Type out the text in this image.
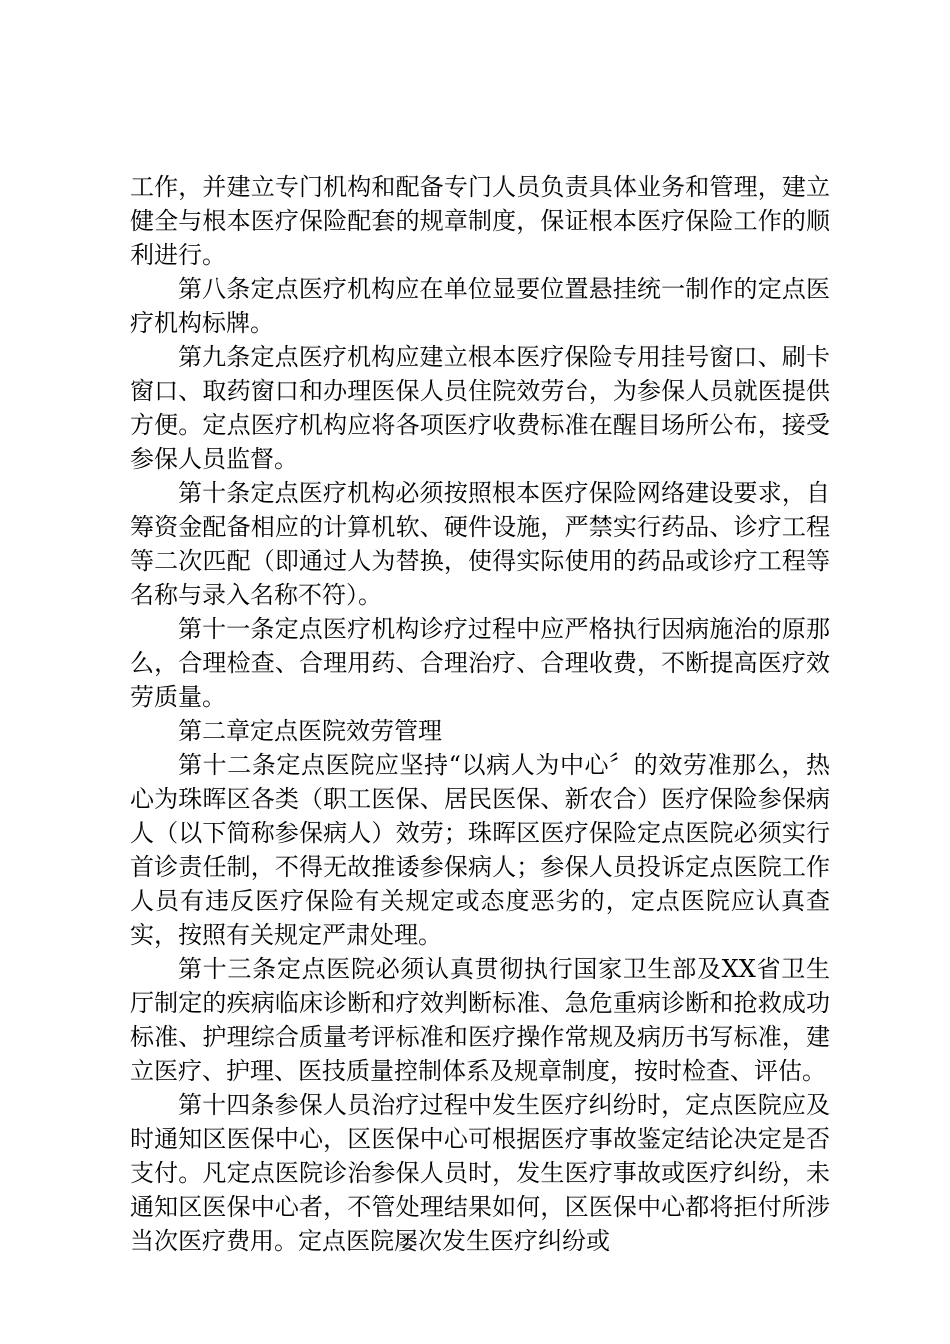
工作，并建立专门机构和配备专门人员负责具体业务和管理，建立健全与根本医疗保险配套的规章制度，保证根本医疗保险工作的顺利进行。

第八条定点医疗机构应在单位显要位置悬挂统一制作的定点医疗机构标牌。

第九条定点医疗机构应建立根本医疗保险专用挂号窗口、刷卡窗口、取药窗口和办理医保人员住院效劳台，为参保人员就医提供方便。定点医疗机构应将各项医疗收费标准在醒目场所公布，接受参保人员监督。

第十条定点医疗机构必须按照根本医疗保险网络建设要求，自筹资金配备相应的计算机软、硬件设施，严禁实行药品、诊疗工程等二次匹配（即通过人为替换，使得实际使用的药品或诊疗工程等名称与录入名称不符）。

第十一条定点医疗机构诊疗过程中应严格执行因病施治的原那么，合理检查、合理用药、合理治疗、合理收费，不断提高医疗效劳质量。

第二章定点医院效劳管理

第十二条定点医院应坚持“以病人为中心〞的效劳准那么，热心为珠晖区各类（职工医保、居民医保、新农合）医疗保险参保病人（以下简称参保病人）效劳；珠晖区医疗保险定点医院必须实行首诊责任制，不得无故推诿参保病人；参保人员投诉定点医院工作人员有违反医疗保险有关规定或态度恶劣的，定点医院应认真查实，按照有关规定严肃处理。

第十三条定点医院必须认真贯彻执行国家卫生部及XX省卫生厅制定的疾病临床诊断和疗效判断标准、急危重病诊断和抢救成功标准、护理综合质量考评标准和医疗操作常规及病历书写标准，建立医疗、护理、医技质量控制体系及规章制度，按时检查、评估。

第十四条参保人员治疗过程中发生医疗纠纷时，定点医院应及时通知区医保中心，区医保中心可根据医疗事故鉴定结论决定是否支付。凡定点医院诊治参保人员时，发生医疗事故或医疗纠纷，未通知区医保中心者，不管处理结果如何，区医保中心都将拒付所涉当次医疗费用。定点医院屡次发生医疗纠纷或
